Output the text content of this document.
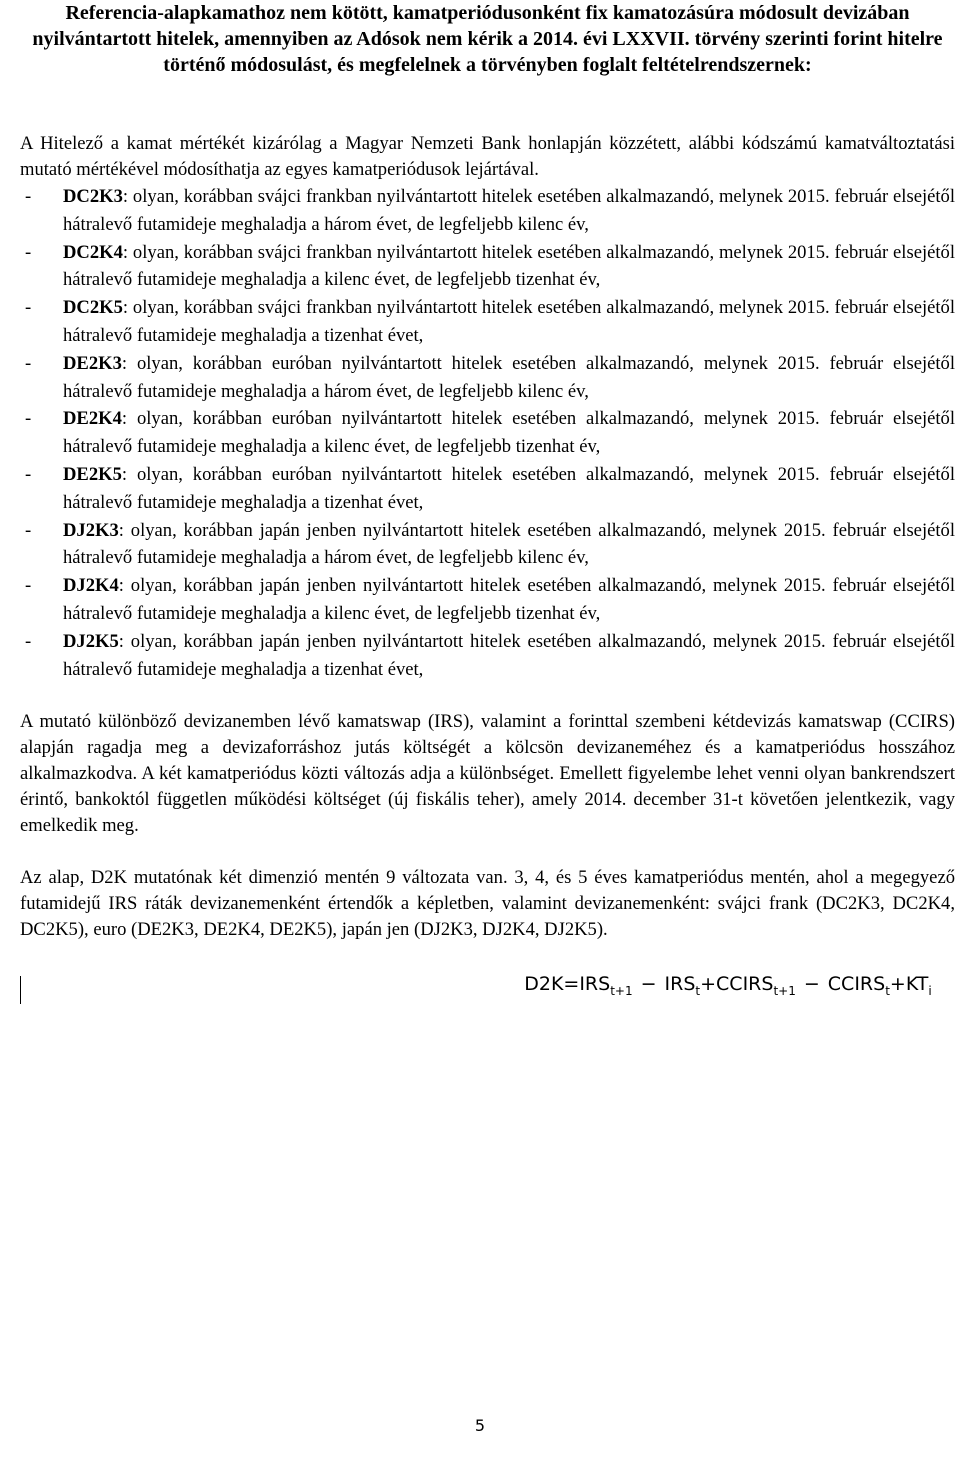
Referencia-alapkamathoz nem kötött, kamatperiódusonként fix kamatozásúra módosult devizában nyilvántartott hitelek, amennyiben az Adósok nem kérik a 2014. évi LXXVII. törvény szerinti forint hitelre történő módosulást, és megfelelnek a törvényben foglalt feltételrendszernek:

A Hitelező a kamat mértékét kizárólag a Magyar Nemzeti Bank honlapján közzétett, alábbi kódszámú kamatváltoztatási mutató mértékével módosíthatja az egyes kamatperiódusok lejártával.

- DC2K3: olyan, korábban svájci frankban nyilvántartott hitelek esetében alkalmazandó, melynek 2015. február elsejétől hátralevő futamideje meghaladja a három évet, de legfeljebb kilenc év,
- DC2K4: olyan, korábban svájci frankban nyilvántartott hitelek esetében alkalmazandó, melynek 2015. február elsejétől hátralevő futamideje meghaladja a kilenc évet, de legfeljebb tizenhat év,
- DC2K5: olyan, korábban svájci frankban nyilvántartott hitelek esetében alkalmazandó, melynek 2015. február elsejétől hátralevő futamideje meghaladja a tizenhat évet,
- DE2K3: olyan, korábban euróban nyilvántartott hitelek esetében alkalmazandó, melynek 2015. február elsejétől hátralevő futamideje meghaladja a három évet, de legfeljebb kilenc év,
- DE2K4: olyan, korábban euróban nyilvántartott hitelek esetében alkalmazandó, melynek 2015. február elsejétől hátralevő futamideje meghaladja a kilenc évet, de legfeljebb tizenhat év,
- DE2K5: olyan, korábban euróban nyilvántartott hitelek esetében alkalmazandó, melynek 2015. február elsejétől hátralevő futamideje meghaladja a tizenhat évet,
- DJ2K3: olyan, korábban japán jenben nyilvántartott hitelek esetében alkalmazandó, melynek 2015. február elsejétől hátralevő futamideje meghaladja a három évet, de legfeljebb kilenc év,
- DJ2K4: olyan, korábban japán jenben nyilvántartott hitelek esetében alkalmazandó, melynek 2015. február elsejétől hátralevő futamideje meghaladja a kilenc évet, de legfeljebb tizenhat év,
- DJ2K5: olyan, korábban japán jenben nyilvántartott hitelek esetében alkalmazandó, melynek 2015. február elsejétől hátralevő futamideje meghaladja a tizenhat évet,

A mutató különböző devizanemben lévő kamatswap (IRS), valamint a forinttal szembeni kétdevizás kamatswap (CCIRS) alapján ragadja meg a devizaforráshoz jutás költségét a kölcsön devizaneméhez és a kamatperiódus hosszához alkalmazkodva. A két kamatperiódus közti változás adja a különbséget. Emellett figyelembe lehet venni olyan bankrendszert érintő, bankoktól független működési költséget (új fiskális teher), amely 2014. december 31-t követően jelentkezik, vagy emelkedik meg.

Az alap, D2K mutatónak két dimenzió mentén 9 változata van. 3, 4, és 5 éves kamatperiódus mentén, ahol a megegyező futamidejű IRS ráták devizanemenként értendők a képletben, valamint devizanemenként: svájci frank (DC2K3, DC2K4, DC2K5), euro (DE2K3, DE2K4, DE2K5), japán jen (DJ2K3, DJ2K4, DJ2K5).

$D2K=IRS_{t+1}$ − $IRS_t+CCIRS_{t+1}$ − $CCIRS_t+KT_i$
5
